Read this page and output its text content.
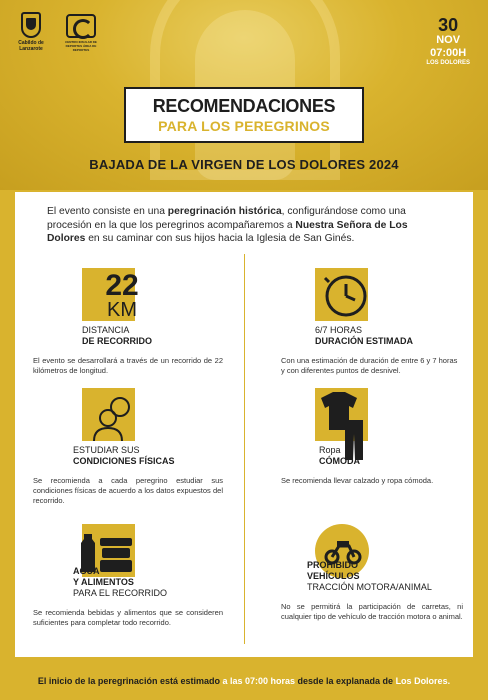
Cabildo de Lanzarote
CENTRO INSULAR DE DEPORTES ÁREA DE DEPORTES
30
NOV
07:00H
LOS DOLORES
RECOMENDACIONES
PARA LOS PEREGRINOS
BAJADA DE LA VIRGEN DE LOS DOLORES 2024
El evento consiste en una peregrinación histórica, configurándose como una procesión en la que los peregrinos acompañaremos a Nuestra Señora de Los Dolores en su caminar con sus hijos hacia la Iglesia de San Ginés.
22
KM
DISTANCIA
DE RECORRIDO
El evento se desarrollará a través de un recorrido de 22 kilómetros de longitud.
6/7 HORAS
DURACIÓN ESTIMADA
Con una estimación de duración de entre 6 y 7 horas y con diferentes puntos de desnivel.
ESTUDIAR SUS
CONDICIONES FÍSICAS
Se recomienda a cada peregrino estudiar sus condiciones físicas de acuerdo a los datos expuestos del recorrido.
Ropa
CÓMODA
Se recomienda llevar calzado y ropa cómoda.
AGUA
Y ALIMENTOS
PARA EL RECORRIDO
Se recomienda bebidas y alimentos que se consideren suficientes para completar todo recorrido.
PROHIBIDO
VEHÍCULOS
TRACCIÓN MOTORA/ANIMAL
No se permitirá la participación de carretas, ni cualquier tipo de vehículo de tracción motora o animal.
El inicio de la peregrinación está estimado a las 07:00 horas desde la explanada de Los Dolores.
